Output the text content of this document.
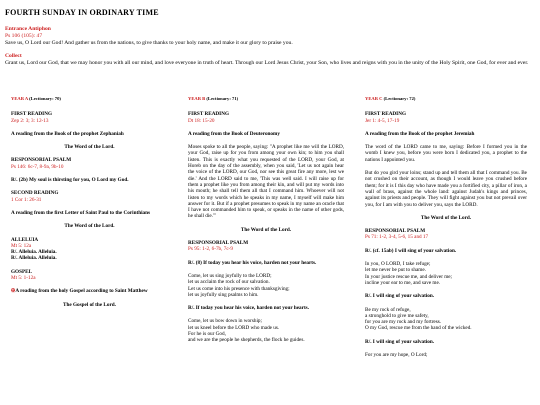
FOURTH SUNDAY IN ORDINARY TIME
Entrance Antiphon
Ps 106 (105): 47
Save us, O Lord our God! And gather us from the nations, to give thanks to your holy name, and make it our glory to praise you.
Collect
Grant us, Lord our God, that we may honor you with all our mind, and love everyone in truth of heart. Through our Lord Jesus Christ, your Son, who lives and reigns with you in the unity of the Holy Spirit, one God, for ever and ever.
YEAR A (Lectionary: 70)
FIRST READING
Zep 2: 3; 3: 12-13
A reading from the Book of the prophet Zephaniah
The Word of the Lord.
RESPONSORIAL PSALM
Ps 146: 6c-7, 8-9a, 9b-10
R/. (2b) My soul is thirsting for you, O Lord my God.
SECOND READING
1 Cor 1: 26-31
A reading from the first Letter of Saint Paul to the Corinthians
The Word of the Lord.
ALLELUIA
Mt 5: 12a
R/. Alleluia. Alleluia.
R/. Alleluia. Alleluia.
GOSPEL
Mt 5: 1-12a
✠A reading from the holy Gospel according to Saint Matthew
The Gospel of the Lord.
YEAR B (Lectionary: 71)
FIRST READING
Dt 18: 15-20
A reading from the Book of Deuteronomy
Moses spoke to all the people, saying: "A prophet like me will the LORD, your God, raise up for you from among your own kin; to him you shall listen. This is exactly what you requested of the LORD, your God, at Horeb on the day of the assembly, when you said, 'Let us not again hear the voice of the LORD, our God, nor see this great fire any more, lest we die.' And the LORD said to me, 'This was well said. I will raise up for them a prophet like you from among their kin, and will put my words into his mouth; he shall tell them all that I command him. Whoever will not listen to my words which he speaks in my name, I myself will make him answer for it. But if a prophet presumes to speak in my name an oracle that I have not commanded him to speak, or speaks in the name of other gods, he shall die.'"
The Word of the Lord.
RESPONSORIAL PSALM
Ps 95: 1-2, 6-7b, 7c-9
R/. (8) If today you hear his voice, harden not your hearts.
Come, let us sing joyfully to the LORD;
let us acclaim the rock of our salvation.
Let us come into his presence with thanksgiving;
let us joyfully sing psalms to him.
R/. If today you hear his voice, harden not your hearts.
Come, let us bow down in worship;
let us kneel before the LORD who made us.
For he is our God,
and we are the people he shepherds, the flock he guides.
YEAR C (Lectionary: 72)
FIRST READING
Jer 1: 4-5, 17-19
A reading from the Book of the prophet Jeremiah
The word of the LORD came to me, saying: Before I formed you in the womb I knew you, before you were born I dedicated you, a prophet to the nations I appointed you.
But do you gird your loins; stand up and tell them all that I command you. Be not crushed on their account, as though I would leave you crushed before them; for it is I this day who have made you a fortified city, a pillar of iron, a wall of brass, against the whole land: against Judah's kings and princes, against its priests and people. They will fight against you but not prevail over you, for I am with you to deliver you, says the LORD.
The Word of the Lord.
RESPONSORIAL PSALM
Ps 71: 1-2, 3-4, 5-6, 15 and 17
R/. (cf. 15ab) I will sing of your salvation.
In you, O LORD, I take refuge;
let me never be put to shame.
In your justice rescue me, and deliver me;
incline your ear to me, and save me.
R/. I will sing of your salvation.
Be my rock of refuge,
a stronghold to give me safety,
for you are my rock and my fortress.
O my God, rescue me from the hand of the wicked.
R/. I will sing of your salvation.
For you are my hope, O Lord;
